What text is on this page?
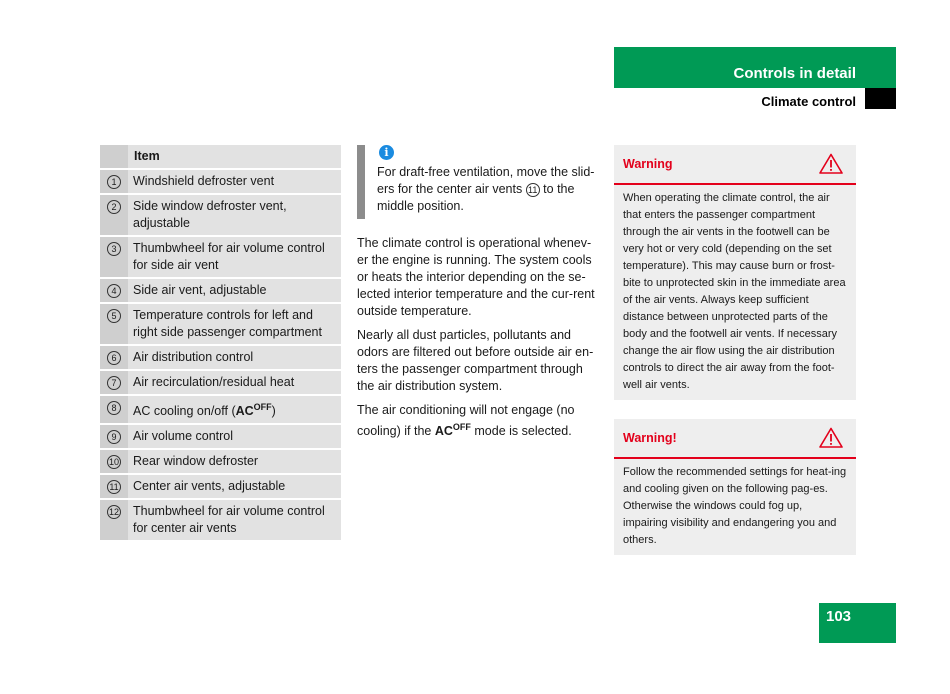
Controls in detail
Climate control
	Item
1	Windshield defroster vent
2	Side window defroster vent, adjustable
3	Thumbwheel for air volume control for side air vent
4	Side air vent, adjustable
5	Temperature controls for left and right side passenger compartment
6	Air distribution control
7	Air recirculation/residual heat
8	AC cooling on/off $(AC^{OFF})$
9	Air volume control
10	Rear window defroster
11	Center air vents, adjustable
12	Thumbwheel for air volume control for center air vents
i
For draft-free ventilation, move the slid-ers for the center air vents 11 to the middle position.

The climate control is operational whenev-er the engine is running. The system cools or heats the interior depending on the se-lected interior temperature and the cur-rent outside temperature.

Nearly all dust particles, pollutants and odors are filtered out before outside air en-ters the passenger compartment through the air distribution system.

The air conditioning will not engage (no cooling) if the $AC^{OFF}$ mode is selected.

Warning
When operating the climate control, the air that enters the passenger compartment through the air vents in the footwell can be very hot or very cold (depending on the set temperature). This may cause burn or frost-bite to unprotected skin in the immediate area of the air vents. Always keep sufficient distance between unprotected parts of the body and the footwell air vents. If necessary change the air flow using the air distribution controls to direct the air away from the foot-well air vents.
Warning!
Follow the recommended settings for heat-ing and cooling given on the following pag-es. Otherwise the windows could fog up, impairing visibility and endangering you and others.
103
